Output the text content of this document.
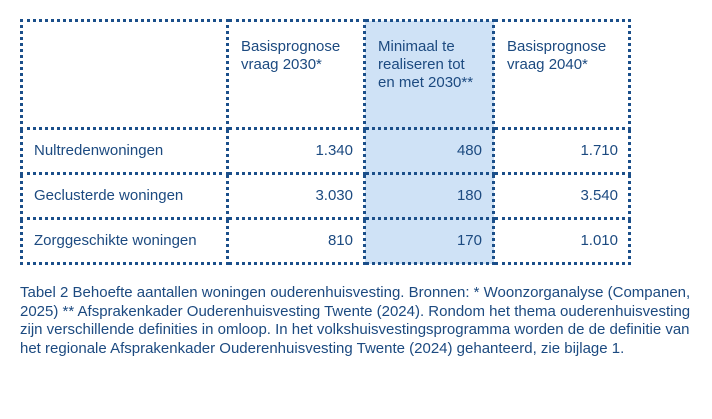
	Basisprognose vraag 2030*	Minimaal te realiseren tot en met 2030**	Basisprognose vraag 2040*
Nultredenwoningen	1.340	480	1.710
Geclusterde woningen	3.030	180	3.540
Zorggeschikte woningen	810	170	1.010

Tabel 2 Behoefte aantallen woningen ouderenhuisvesting. Bronnen: * Woonzorganalyse (Companen, 2025) ** Afsprakenkader Ouderenhuisvesting Twente (2024). Rondom het thema ouderenhuisvesting zijn verschillende definities in omloop. In het volkshuisvestingsprogramma worden de de definitie van het regionale Afsprakenkader Ouderenhuisvesting Twente (2024) gehanteerd, zie bijlage 1.
